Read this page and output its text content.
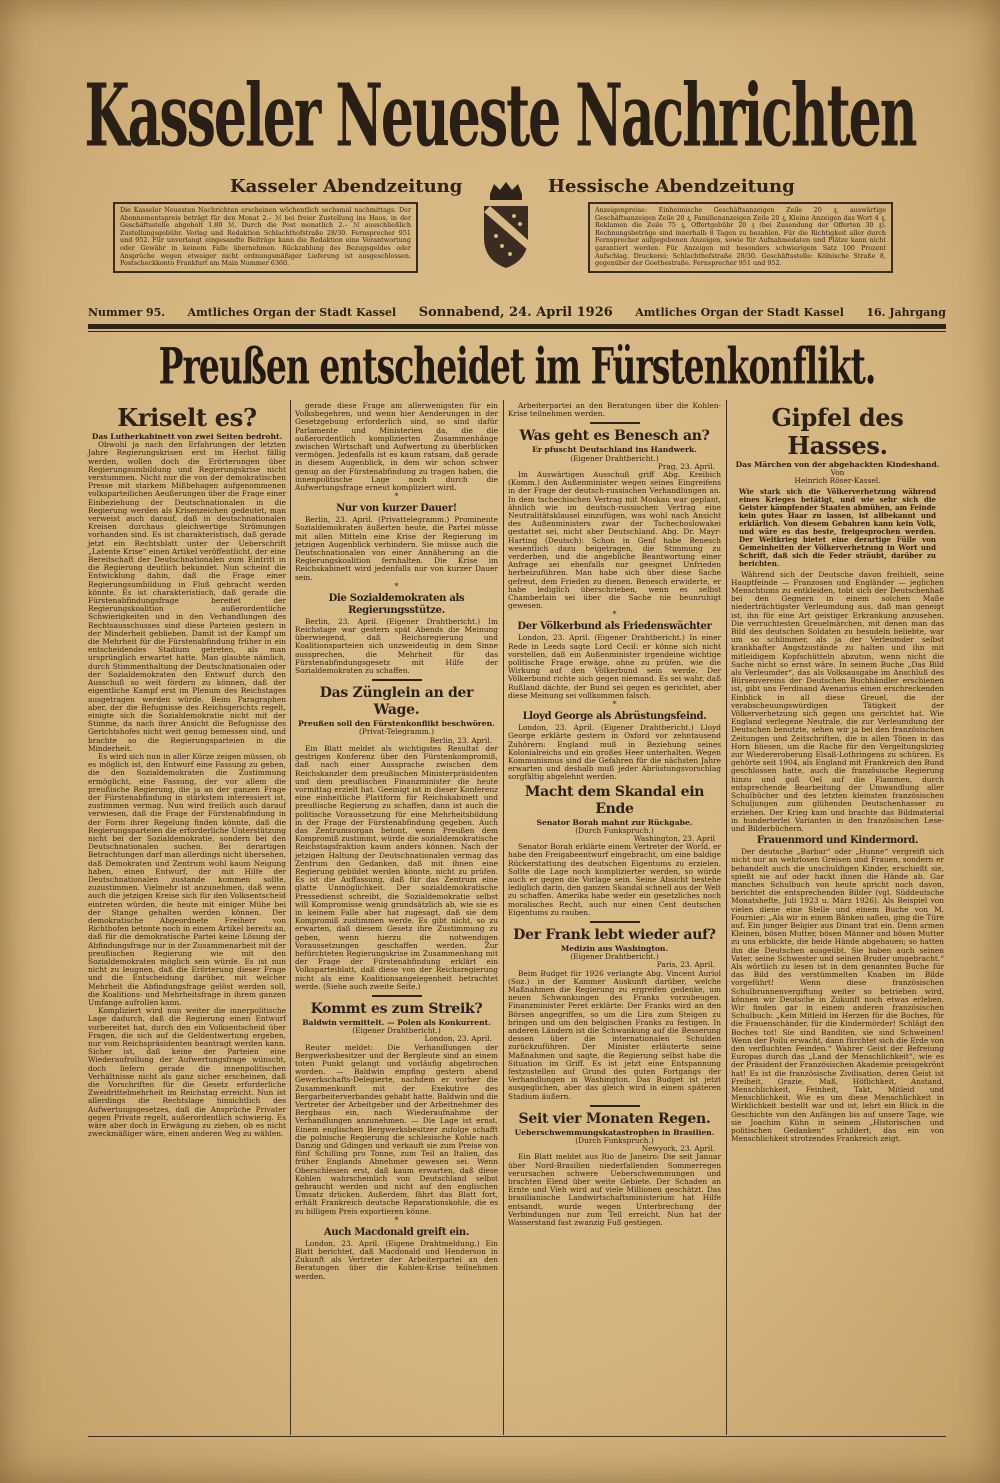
Kasseler Neueste Nachrichten
Kasseler Abendzeitung	Hessische Abendzeitung
Die Kasseler Neuesten Nachrichten erscheinen wöchentlich sechsmal nachmittags. Der Abonnementspreis beträgt für den Monat 2.– ℳ bei freier Zustellung ins Haus, in der Geschäftsstelle abgeholt 1.80 ℳ. Durch die Post monatlich 2.– ℳ ausschließlich Zustellungsgebühr. Verlag und Redaktion Schlachthofstraße 28/30. Fernsprecher 951 und 952. Für unverlangt eingesandte Beiträge kann die Redaktion eine Verantwortung oder Gewähr in keinem Falle übernehmen. Rückzahlung des Bezugsgeldes oder Ansprüche wegen etwaiger nicht ordnungsmäßiger Lieferung ist ausgeschlossen. Postscheckkonto Frankfurt am Main Nummer 6360.
Anzeigenpreise: Einheimische Geschäftsanzeigen Zeile 20 ₰, auswärtige Geschäftsanzeigen Zeile 20 ₰, Familienanzeigen Zeile 20 ₰, Kleine Anzeigen das Wort 4 ₰, Reklamen die Zeile 75 ₰, Offertgebühr 20 ₰ (bei Zusendung der Offerten 30 ₰). Rechnungsbeträge sind innerhalb 8 Tagen zu bezahlen. Für die Richtigkeit aller durch Fernsprecher aufgegebenen Anzeigen, sowie für Aufnahmedaten und Plätze kann nicht garantiert werden. Für Anzeigen mit besonders schwierigem Satz 100 Prozent Aufschlag. Druckerei: Schlachthofstraße 28/30. Geschäftsstelle: Kölnische Straße 8, gegenüber der Goethestraße. Fernsprecher 951 und 952.
Nummer 95. Amtliches Organ der Stadt Kassel Sonnabend, 24. April 1926 Amtliches Organ der Stadt Kassel 16. Jahrgang
Preußen entscheidet im Fürstenkonflikt.
Kriselt es?
Das Lutherkabinett von zwei Seiten bedroht.

Obwohl ja nach den Erfahrungen der letzten Jahre Regierungskrisen erst im Herbst fällig werden, wollen doch die Erörterungen über Regierungsumbildung und Regierungskrise nicht verstummen. Nicht nur die von der demokratischen Presse mit starkem Mißbehagen aufgenommenen volksparteilichen Aeußerungen über die Frage einer Einbeziehung der Deutschnationalen in die Regierung werden als Krisenzeichen gedeutet, man verweist auch darauf, daß in deutschnationalen Kreisen durchaus gleichwertige Strömungen vorhanden sind. Es ist charakteristisch, daß gerade jetzt ein Rechtsblatt unter der Ueberschrift „Latente Krise“ einen Artikel veröffentlicht, der eine Bereitschaft der Deutschnationalen zum Eintritt in die Regierung deutlich bekundet. Nun scheint die Entwicklung dahin, daß die Frage einer Regierungsumbildung in Fluß gebracht werden könnte. Es ist charakteristisch, daß gerade die Fürstenabfindungsfrage bereitet der Regierungskoalition außerordentliche Schwierigkeiten und in den Verhandlungen des Rechtsausschusses sind diese Parteien gestern in der Minderheit geblieben. Damit ist der Kampf um die Mehrheit für die Fürstenabfindung früher in ein entscheidendes Stadium getreten, als man ursprünglich erwartet hatte. Man glaubte nämlich, durch Stimmenthaltung der Deutschnationalen oder der Sozialdemokraten den Entwurf durch den Ausschuß so weit fördern zu können, daß der eigentliche Kampf erst im Plenum des Reichstages ausgetragen werden würde. Beim Paragraphen aber, der die Befugnisse des Reichsgerichts regelt, einigte sich die Sozialdemokratie nicht mit der Stimme, da nach ihrer Ansicht die Befugnisse des Gerichtshofes nicht weit genug bemessen sind, und brachte so die Regierungsparteien in die Minderheit.

Es wird sich nun in aller Kürze zeigen müssen, ob es möglich ist, den Entwurf eine Fassung zu geben, die den Sozialdemokraten die Zustimmung ermöglicht, eine Fassung, der vor allem die preußische Regierung, die ja an der ganzen Frage der Fürstenabfindung in stärkstem interessiert ist, zustimmen vermag. Nun wird freilich auch darauf verwiesen, daß die Frage der Fürstenabfindung in der Form ihrer Regelung finden könnte, daß die Regierungsparteien die erforderliche Unterstützung nicht bei der Sozialdemokratie, sondern bei den Deutschnationalen suchen. Bei derartigen Betrachtungen darf man allerdings nicht übersehen, daß Demokraten und Zentrum wohl kaum Neigung haben, einen Entwurf, der mit Hilfe der Deutschnationalen zustande kommen sollte, zuzustimmen. Vielmehr ist anzunehmen, daß wenn auch die jetzigen Kreise sich für den Volksentscheid eintreten würden, die heute mit einiger Mühe bei der Stange gehalten werden können. Der demokratische Abgeordnete Freiherr von Richthofen betonte noch in einem Artikel bereits an, daß für die demokratische Partei keine Lösung der Abfindungsfrage nur in der Zusammenarbeit mit der preußischen Regierung wie mit den Sozialdemokraten möglich sein würde. Es ist nun nicht zu leugnen, daß die Erörterung dieser Frage und die Entscheidung darüber, mit welcher Mehrheit die Abfindungsfrage gelöst werden soll, die Koalitions- und Mehrheitsfrage in ihrem ganzen Umfange aufrollen kann.

Kompliziert wird nun weiter die innerpolitische Lage dadurch, daß die Regierung einen Entwurf vorbereitet hat, durch den ein Volksentscheid über Fragen, die sich auf die Geldentwertung ergeben, nur vom Reichspräsidenten beantragt werden kann. Sicher ist, daß keine der Parteien eine Wiederaufrollung der Aufwertungsfrage wünscht, doch liefern gerade die innenpolitischen Verhältnisse nicht als ganz sicher erscheinen, daß die Vorschriften für die Gesetz erforderliche Zweidrittelmehrheit im Reichstag erreicht. Nun ist allerdings die Rechtslage hinsichtlich des Aufwertungsgesetzes, daß die Ansprüche Privater gegen Private regelt, außerordentlich schwierig. Es wäre aber doch in Erwägung zu ziehen, ob es nicht zweckmäßiger wäre, einen anderen Weg zu wählen.

gerade diese Frage am allerwenigsten für ein Volksbegehren, und wenn hier Aenderungen in der Gesetzgebung erforderlich sind, so sind dafür Parlamente und Ministerien da, die die außerordentlich komplizierten Zusammenhänge zwischen Wirtschaft und Aufwertung zu überblicken vermögen. Jedenfalls ist es kaum ratsam, daß gerade in diesem Augenblick, in dem wir schon schwer genug an der Fürstenabfindung zu tragen haben, die innenpolitische Lage noch durch die Aufwertungsfrage erneut kompliziert wird.

*
Nur von kurzer Dauer!

Berlin, 23. April. (Privattelegramm.) Prominente Sozialdemokraten äußerten heute, die Partei müsse mit allen Mitteln eine Krise der Regierung im jetzigen Augenblick verhindern. Sie müsse auch die Deutschnationalen von einer Annäherung an die Regierungskoalition fernhalten. Die Krise im Reichskabinett wird jedenfalls nur von kurzer Dauer sein.

*
Die Sozialdemokraten als Regierungsstütze.

Berlin, 23. April. (Eigener Drahtbericht.) Im Reichstage war gestern spät Abends die Meinung überwiegend, daß Reichsregierung und Koalitionsparteien sich unzweideutig in dem Sinne aussprechen, die Mehrheit für das Fürstenabfindungsgesetz mit Hilfe der Sozialdemokraten zu schaffen.

Das Zünglein an der Wage.
Preußen soll den Fürstenkonflikt beschwören.
(Privat-Telegramm.)
Berlin, 23. April.

Ein Blatt meldet als wichtigstes Resultat der gestrigen Konferenz über den Fürstenkompromiß, daß nach einer Aussprache zwischen dem Reichskanzler dem preußischen Ministerpräsidenten und dem preußischen Finanzminister die heute vormittag erzielt hat. Geeinigt ist in dieser Konferenz eine einheitliche Plattform für Reichskabinett und preußische Regierung zu schaffen, dann ist auch die politische Voraussetzung für eine Mehrheitsbildung in der Frage der Fürstenabfindung gegeben. Auch das Zentrumsorgan betont, wenn Preußen dem Kompromiß zustimmt, würde die sozialdemokratische Reichstagsfraktion kaum anders können. Nach der jetzigen Haltung der Deutschnationalen vermag das Zentrum den Gedanken, daß mit ihnen eine Regierung gebildet werden könnte, nicht zu prüfen. Es ist die Auffassung, daß für das Zentrum eine glatte Unmöglichkeit. Der sozialdemokratische Pressedienst schreibt, die Sozialdemokratie selbst will Kompromisse wenig grundsätzlich ab, wie sie es in keinem Falle aber hat zugesagt, daß sie dem Kompromiß zustimmen werde. Es gibt nicht, so zu erwarten, daß diesem Gesetz ihre Zustimmung zu geben, wenn hierzu die notwendigen Voraussetzungen geschaffen werden. Zur befürchteten Regierungskrise im Zusammenhang mit der Frage der Fürstenabfindung erklärt ein Volksparteiblatt, daß diese von der Reichsregierung nicht als eine Koalitionsangelegenheit betrachtet werde. (Siehe auch zweite Seite.)

Kommt es zum Streik?
Baldwin vermittelt. — Polen als Konkurrent.
(Eigener Drahtbericht.)
London, 23. April.

Reuter meldet: Die Verhandlungen der Bergwerksbesitzer und der Bergleute sind an einem toten Punkt gelangt und vorläufig abgebrochen worden. — Baldwin empfing gestern abend Gewerkschafts-Delegierte, nachdem er vorher die Zusammenkunft mit der Exekutive des Bergarbeiterverbandes gehabt hatte. Baldwin und die Vertreter der Arbeitgeber und der Arbeitnehmer des Bergbaus ein, nach Wiederaufnahme der Verhandlungen anzunehmen. — Die Lage ist ernst. Einem englischen Bergwerksbesitzer zufolge schafft die polnische Regierung die schlesische Kohle nach Danzig und Gdingen und verkauft sie zum Preise von fünf Schilling pro Tonne, zum Teil an Italien, das früher Englands Abnehmer gewesen sei. Wenn Oberschlesien erst, daß kaum erwarten, daß diese Kohlen wahrscheinlich von Deutschland selbst gebraucht werden und nicht auf den englischen Umsatz drücken. Außerdem, fährt das Blatt fort, erhält Frankreich deutsche Reparationskohle, die es zu billigem Preis exportieren könne.

*
Auch Macdonald greift ein.

London, 23. April. (Eigene Drahtmeldung.) Ein Blatt berichtet, daß Macdonald und Henderson in Zukunft als Vertreter der Arbeiterpartei an den Beratungen über die Kohlen-Krise teilnehmen werden.

Arbeiterpartei an den Beratungen über die Kohlen-Krise teilnehmen werden.

Was geht es Benesch an?
Er pfuscht Deutschland ins Handwerk.
(Eigener Drahtbericht.)
Prag, 23. April.

Im Auswärtigen Ausschuß griff Abg. Kreibich (Komm.) den Außenminister wegen seines Eingreifens in der Frage der deutsch-russischen Verhandlungen an. In dem tschechischen Vertrag mit Moskau war geplant, ähnlich wie im deutsch-russischen Vertrag eine Neutralitätsklausel einzufügen, was wohl nach Ansicht des Außenministers zwar der Tschechoslowakei gestattet sei, nicht aber Deutschland. Abg. Dr. Mayr-Harting (Deutsch): Schon in Genf habe Benesch wesentlich dazu beigetragen, die Stimmung zu verderben, und die angebliche Beantwortung einer Anfrage sei ebenfalls nur geeignet Unfrieden herbeizuführen. Man habe sich über diese Sache gefreut, dem Frieden zu dienen. Benesch erwiderte, er habe lediglich überschrieben, wenn es selbst Chamberlain sei über die Sache nie beunruhigt gewesen.

*
Der Völkerbund als Friedenswächter

London, 23. April. (Eigener Drahtbericht.) In einer Rede in Leeds sagte Lord Cecil: er könne sich nicht vorstellen, daß ein Außenminister irgendeine wichtige politische Frage erwäge, ohne zu prüfen, wie die Wirkung auf den Völkerbund sein werde. Der Völkerbund richte sich gegen niemand. Es sei wahr, daß Rußland dächte, der Bund sei gegen es gerichtet, aber diese Meinung sei vollkommen falsch.

*
Lloyd George als Abrüstungsfeind.

London, 23. April. (Eigener Drahtbericht.) Lloyd George erklärte gestern in Oxford vor zehntausend Zuhörern: England muß in Beziehung seines Kolonialreichs und ein großes Heer unterhalten. Wegen Kommunismus sind die Gefahren für die nächsten Jahre erwarten und deshalb muß jeder Abrüstungsvorschlag sorgfältig abgelehnt werden.

Macht dem Skandal ein Ende
Senator Borah mahnt zur Rückgabe.
(Durch Funkspruch.)
Washington, 23. April

Senator Borah erklärte einem Vertreter der World, er habe den Freigabeentwurf eingebracht, um eine baldige Rückerstattung des deutschen Eigentums zu erzielen. Sollte die Lage noch komplizierter werden, so würde auch er gegen die Vorlage sein. Seine Absicht bestehe lediglich darin, den ganzen Skandal schnell aus der Welt zu schaffen. Amerika habe weder ein gesetzliches noch moralisches Recht, auch nur einen Cent deutschen Eigentums zu rauben.

Der Frank lebt wieder auf?
Medizin aus Washington.
(Eigener Drahtbericht.)
Paris, 23. April.

Beim Budget für 1926 verlangte Abg. Vincent Auriol (Soz.) in der Kammer Auskunft darüber, welche Maßnahmen die Regierung zu ergreifen gedenke, um neuen Schwankungen des Franks vorzubeugen. Finanzminister Peret erklärte: Der Franks wird an den Börsen angegriffen, so um die Lira zum Steigen zu bringen und um den belgischen Franks zu festigen. In anderen Ländern ist die Schwankung auf die Besserung dessen über die internationalen Schulden zurückzuführen. Der Minister erläuterte seine Maßnahmen und sagte, die Regierung selbst habe die Situation im Griff. Es ist jetzt eine Entspannung festzustellen auf Grund des guten Fortgangs der Verhandlungen in Washington. Das Budget ist jetzt ausgeglichen, aber das gleich wird in einem späteren Stadium äußern.

Seit vier Monaten Regen.
Ueberschwemmungskatastrophen in Brasilien.
(Durch Funkspruch.)
Newyork, 23. April.

Ein Blatt meldet aus Rio de Janeiro: Die seit Januar über Nord-Brasilien niederfallenden Sommerregen verursachen schwere Ueberschwemmungen und brachten Elend über weite Gebiete. Der Schaden an Ernte und Vieh wird auf viele Millionen geschätzt. Das brasilianische Landwirtschaftsministerium hat Hilfe entsandt, wurde wegen Unterbrechung der Verbindungen nur zum Teil erreicht. Nun hat der Wasserstand fast zwanzig Fuß gestiegen.

Gipfel des Hasses.
Das Märchen von der abgehackten Kindeshand.
Von
Heinrich Röser-Kassel.
Wie stark sich die Völkerverhetzung während eines Krieges betätigt, und wie sehr sich die Geister kämpfender Staaten abmühen, am Feinde kein gutes Haar zu lassen, ist allbekannt und erklärlich. Von diesem Gebahren kann kein Volk, und wäre es das beste, freigesprochen werden. Der Weltkrieg bietet eine derartige Fülle von Gemeinheiten der Völkerverhetzung in Wort und Schrift, daß sich die Feder sträubt, darüber zu berichten.

Während sich der Deutsche davon freihielt, seine Hauptfeinde — Franzosen und Engländer — jeglichen Menschtums zu entkleiden, tobt sich der Deutschenhaß bei den Gegnern in einem solchen Maße niederträchtigster Verleumdung aus, daß man geneigt ist, ihn für eine Art geistiger Erkrankung anzusehen. Die verruchtesten Greuelmärchen, mit denen man das Bild des deutschen Soldaten zu besudeln beliebte, war um so schlimmer, als ja der Verleumder selbst krankhafter Angstzustände zu halten und ihn mit mitleidigem Kopfschütteln abzutun, wenn nicht die Sache nicht so ernst wäre. In seinem Buche „Das Bild als Verleumder“, das als Volksausgabe im Anschluß des Bürsenvereins der Deutschen Buchhändler erschienen ist, gibt uns Ferdinand Avenarius einen erschreckenden Einblick in all diese Greuel, die der verabscheuungswürdigen Tätigkeit der Völkerverhetzung sich gegen uns gerichtet hat. Wie England verlegene Neutrale, die zur Verleumdung der Deutschen benutzte, sehen wir ja bei den französischen Zeitungen und Zeitschriften, die in allen Tönen in das Horn bliesen, um die Rache für den Vergeltungskrieg zur Wiedereroberung Elsaß-Lothringens zu schüren. Es gehörte seit 1904, als England mit Frankreich den Bund geschlossen hatte, auch die französische Regierung hinzu und goß Oel auf die Flammen, durch entsprechende Bearbeitung der Umwandlung aller Schulbücher und des letzten kleinsten französischen Schuljungen zum glühenden Deutschenhasser zu erziehen. Der Krieg kam und brachte das Bildmaterial in hunderterlei Varianten in den französischen Lese- und Bilderbüchern.

Frauenmord und Kindermord.

Der deutsche „Barbar“ oder „Hunne“ vergreift sich nicht nur an wehrlosen Greisen und Frauen, sondern er behandelt auch die unschuldigen Kinder, erschießt sie, spießt sie auf oder hackt ihnen die Hände ab. Gar manches Schulbuch von heute spricht noch davon, berichtet die entsprechenden Bilder (vgl. Süddeutsche Monatshefte, Juli 1923 u. März 1926). Als Beispiel von vielen diene eine Stelle und einem Buche von M. Fournier: „Als wir in einem Bänken saßen, ging die Türe auf. Ein junger Belgier aus Dinant trat ein. Denn armen Kleinen, bösen Mutter, bösen Männer und bösen Mutter zu uns erblickte, die beide Hände abgehauen; so hatten ihn die Deutschen ausgeübt. Sie haben auch seinen Vater, seine Schwester und seinen Bruder umgebracht.“ Als wörtlich zu lesen ist in dem genannten Buche für das Bild des verstümmelten Knaben im Bilde vorgeführt! Wenn diese französischen Schulbrunnenvergiftung weiter so betrieben wird, können wir Deutsche in Zukunft noch etwas erleben. Wir finden gar in einem anderen französischen Schulbuch: „Kein Mitleid im Herzen für die Boches, für die Frauenschänder, für die Kindermörder! Schlägt den Boches tot! Sie sind Banditen, sie sind Schweinen! Wenn der Poilu erwacht, dann fürchtet sich die Erde von den verfluchten Feinden.“ Wahrer Geist der Befreiung Europas durch das „Land der Menschlichkeit“, wie es der Präsident der Französischen Akademie preisgekrönt hat! Es ist die französische Zivilisation, deren Geist ist Freiheit, Grazie, Maß, Höflichkeit, Anstand, Menschlichkeit, Feinheit, Takt, Mitleid und Menschlichkeit. Wie es um diese Menschlichkeit in Wirklichkeit bestellt war und ist, lehrt ein Blick in die Geschichte von den Anfängen bis auf unsere Tage, wie sie Joachim Kühn in seinem „Historischen und politischen Gedanken“ schildert, das ein von Menschlichkeit strotzendes Frankreich zeigt.
